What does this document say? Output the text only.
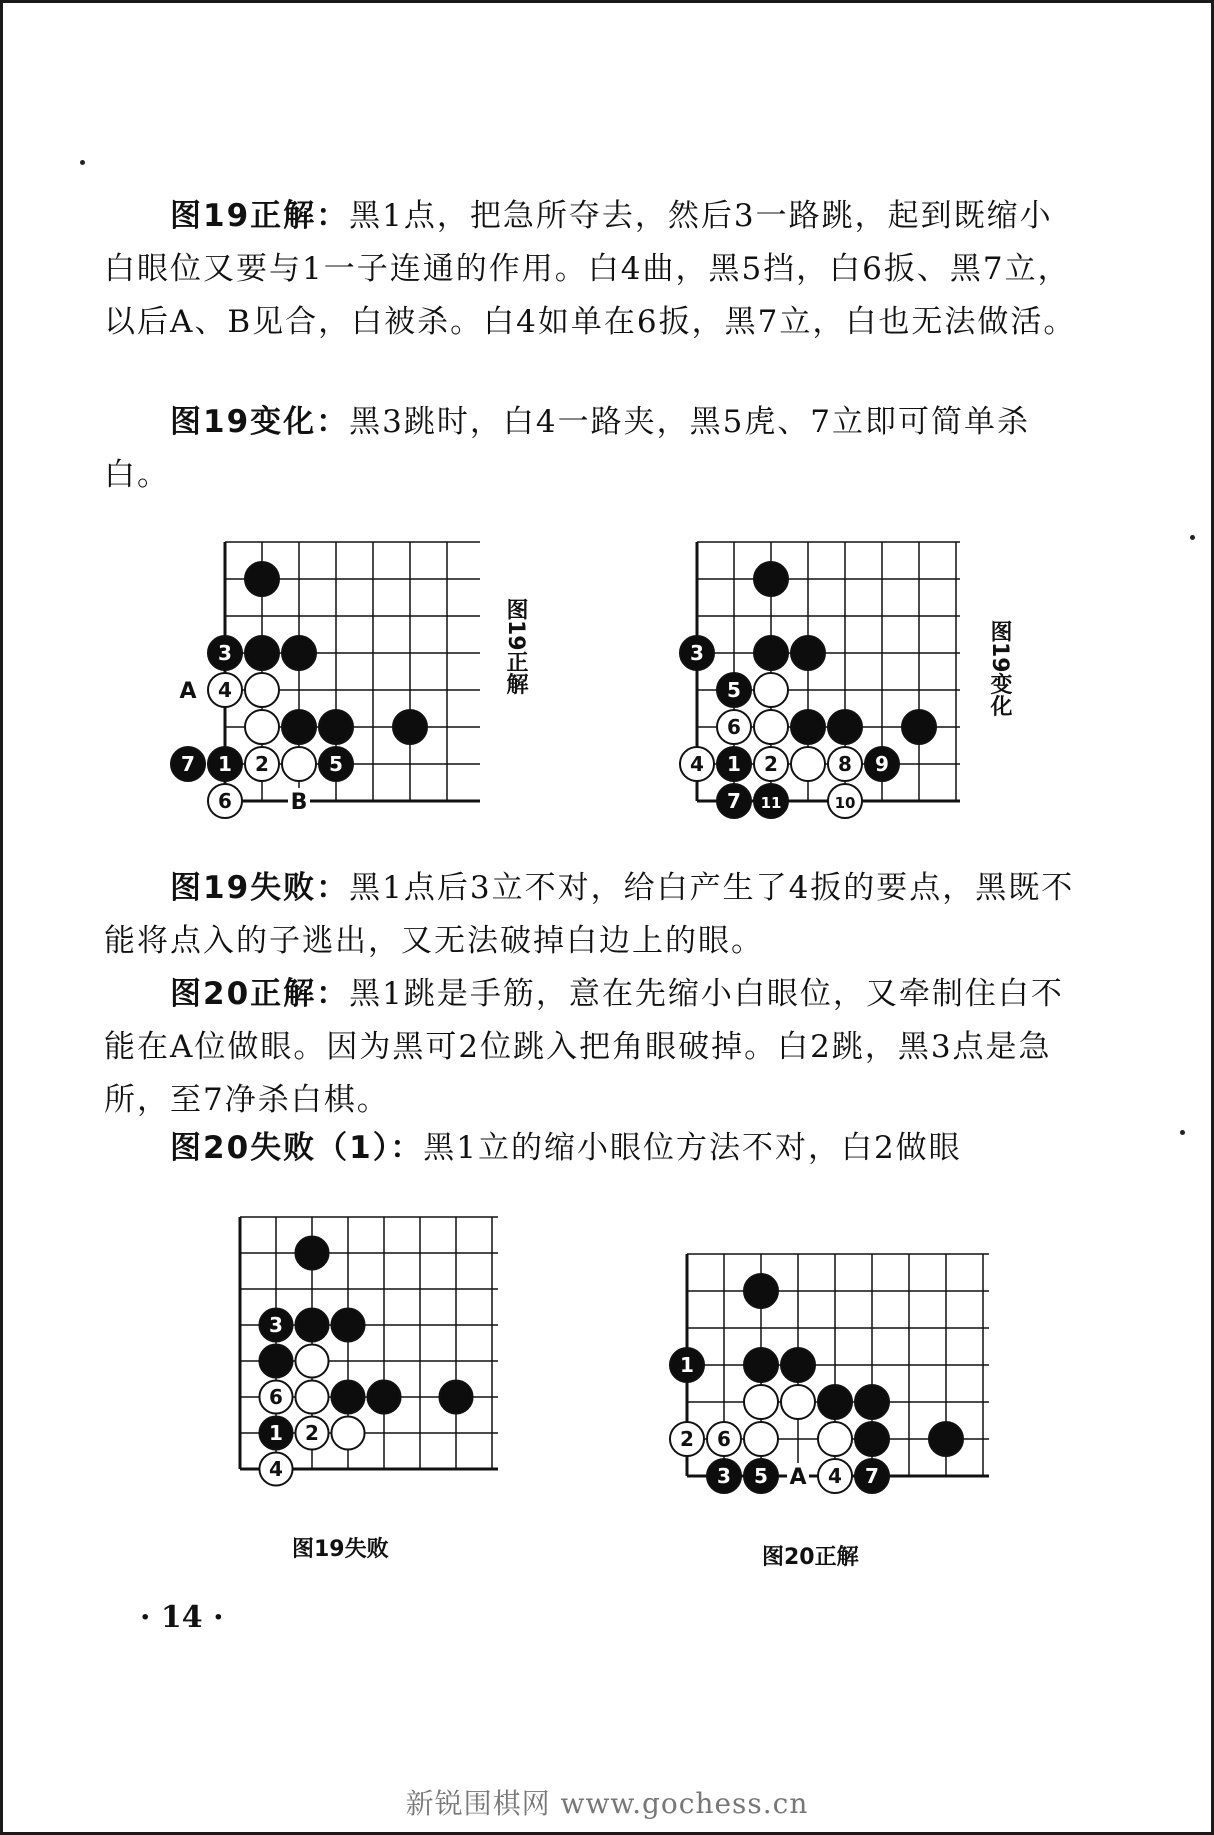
图19正解：黑1点，把急所夺去，然后3一路跳，起到既缩小白眼位又要与1一子连通的作用。白4曲，黑5挡，白6扳、黑7立，以后A、B见合，白被杀。白4如单在6扳，黑7立，白也无法做活。
图19变化：黑3跳时，白4一路夹，黑5虎、7立即可简单杀白。
图19失败：黑1点后3立不对，给白产生了4扳的要点，黑既不能将点入的子逃出，又无法破掉白边上的眼。
图20正解：黑1跳是手筋，意在先缩小白眼位，又牵制住白不能在A位做眼。因为黑可2位跳入把角眼破掉。白2跳，黑3点是急所，至7净杀白棋。
图20失败（1）：黑1立的缩小眼位方法不对，白2做眼
3
4
7 1 2	5
6
A
B
图19正解	3
5
6
4 1 2	8 9
7 11	10
图19变化
3
6
1 2
4
图19失败
1
2 6
3 5	4 7
A
图20正解
· 14 ·
新锐围棋网 www.gochess.cn
